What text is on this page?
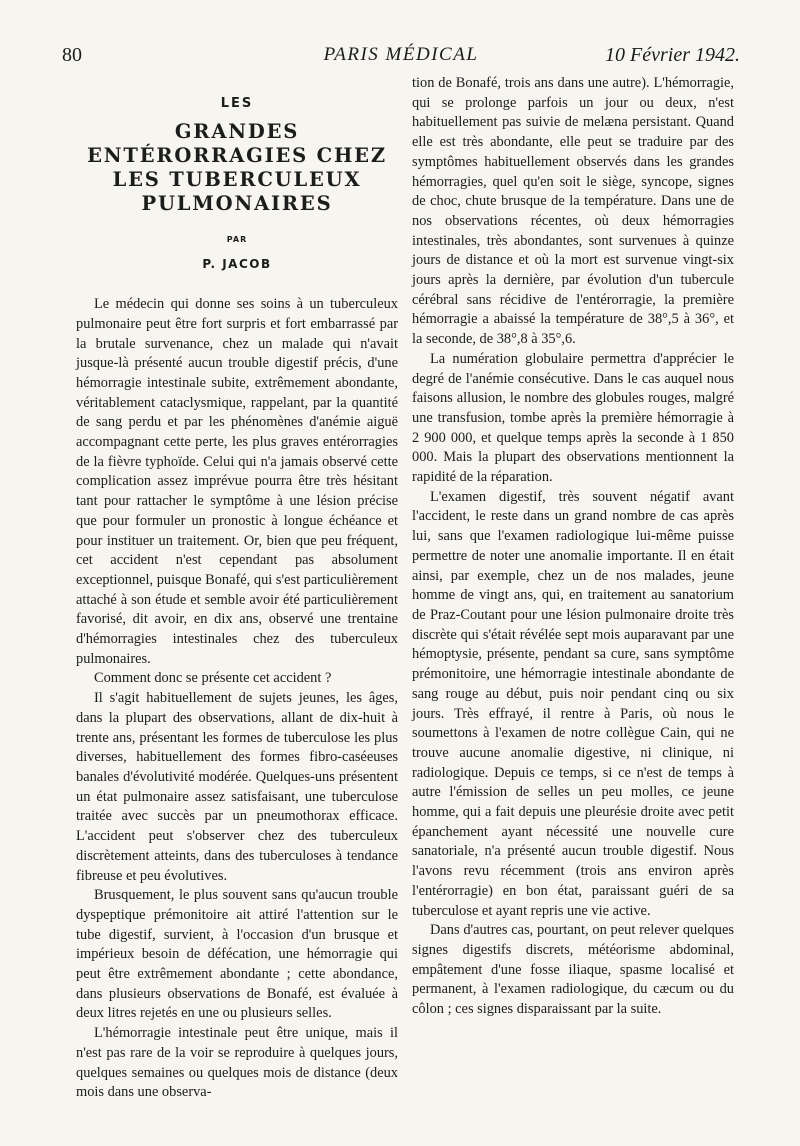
80	PARIS MÉDICAL	10 Février 1942.
LES
GRANDES ENTÉRORRAGIES CHEZ LES TUBERCULEUX PULMONAIRES
PAR
P. JACOB

Le médecin qui donne ses soins à un tuberculeux pulmonaire peut être fort surpris et fort embarrassé par la brutale survenance, chez un malade qui n'avait jusque-là présenté aucun trouble digestif précis, d'une hémorragie intestinale subite, extrêmement abondante, véritablement cataclysmique, rappelant, par la quantité de sang perdu et par les phénomènes d'anémie aiguë accompagnant cette perte, les plus graves entérorragies de la fièvre typhoïde. Celui qui n'a jamais observé cette complication assez imprévue pourra être très hésitant tant pour rattacher le symptôme à une lésion précise que pour formuler un pronostic à longue échéance et pour instituer un traitement. Or, bien que peu fréquent, cet accident n'est cependant pas absolument exceptionnel, puisque Bonafé, qui s'est particulièrement attaché à son étude et semble avoir été particulièrement favorisé, dit avoir, en dix ans, observé une trentaine d'hémorragies intestinales chez des tuberculeux pulmonaires.

Comment donc se présente cet accident ?

Il s'agit habituellement de sujets jeunes, les âges, dans la plupart des observations, allant de dix-huit à trente ans, présentant les formes de tuberculose les plus diverses, habituellement des formes fibro-caséeuses banales d'évolutivité modérée. Quelques-uns présentent un état pulmonaire assez satisfaisant, une tuberculose traitée avec succès par un pneumothorax efficace. L'accident peut s'observer chez des tuberculeux discrètement atteints, dans des tuberculoses à tendance fibreuse et peu évolutives.

Brusquement, le plus souvent sans qu'aucun trouble dyspeptique prémonitoire ait attiré l'attention sur le tube digestif, survient, à l'occasion d'un brusque et impérieux besoin de défécation, une hémorragie qui peut être extrêmement abondante ; cette abondance, dans plusieurs observations de Bonafé, est évaluée à deux litres rejetés en une ou plusieurs selles.

L'hémorragie intestinale peut être unique, mais il n'est pas rare de la voir se reproduire à quelques jours, quelques semaines ou quelques mois de distance (deux mois dans une observa-

tion de Bonafé, trois ans dans une autre). L'hémorragie, qui se prolonge parfois un jour ou deux, n'est habituellement pas suivie de melæna persistant. Quand elle est très abondante, elle peut se traduire par des symptômes habituellement observés dans les grandes hémorragies, quel qu'en soit le siège, syncope, signes de choc, chute brusque de la température. Dans une de nos observations récentes, où deux hémorragies intestinales, très abondantes, sont survenues à quinze jours de distance et où la mort est survenue vingt-six jours après la dernière, par évolution d'un tubercule cérébral sans récidive de l'entérorragie, la première hémorragie a abaissé la température de 38°,5 à 36°, et la seconde, de 38°,8 à 35°,6.

La numération globulaire permettra d'apprécier le degré de l'anémie consécutive. Dans le cas auquel nous faisons allusion, le nombre des globules rouges, malgré une transfusion, tombe après la première hémorragie à 2 900 000, et quelque temps après la seconde à 1 850 000. Mais la plupart des observations mentionnent la rapidité de la réparation.

L'examen digestif, très souvent négatif avant l'accident, le reste dans un grand nombre de cas après lui, sans que l'examen radiologique lui-même puisse permettre de noter une anomalie importante. Il en était ainsi, par exemple, chez un de nos malades, jeune homme de vingt ans, qui, en traitement au sanatorium de Praz-Coutant pour une lésion pulmonaire droite très discrète qui s'était révélée sept mois auparavant par une hémoptysie, présente, pendant sa cure, sans symptôme prémonitoire, une hémorragie intestinale abondante de sang rouge au début, puis noir pendant cinq ou six jours. Très effrayé, il rentre à Paris, où nous le soumettons à l'examen de notre collègue Cain, qui ne trouve aucune anomalie digestive, ni clinique, ni radiologique. Depuis ce temps, si ce n'est de temps à autre l'émission de selles un peu molles, ce jeune homme, qui a fait depuis une pleurésie droite avec petit épanchement ayant nécessité une nouvelle cure sanatoriale, n'a présenté aucun trouble digestif. Nous l'avons revu récemment (trois ans environ après l'entérorragie) en bon état, paraissant guéri de sa tuberculose et ayant repris une vie active.

Dans d'autres cas, pourtant, on peut relever quelques signes digestifs discrets, météorisme abdominal, empâtement d'une fosse iliaque, spasme localisé et permanent, à l'examen radiologique, du cæcum ou du côlon ; ces signes disparaissant par la suite.
